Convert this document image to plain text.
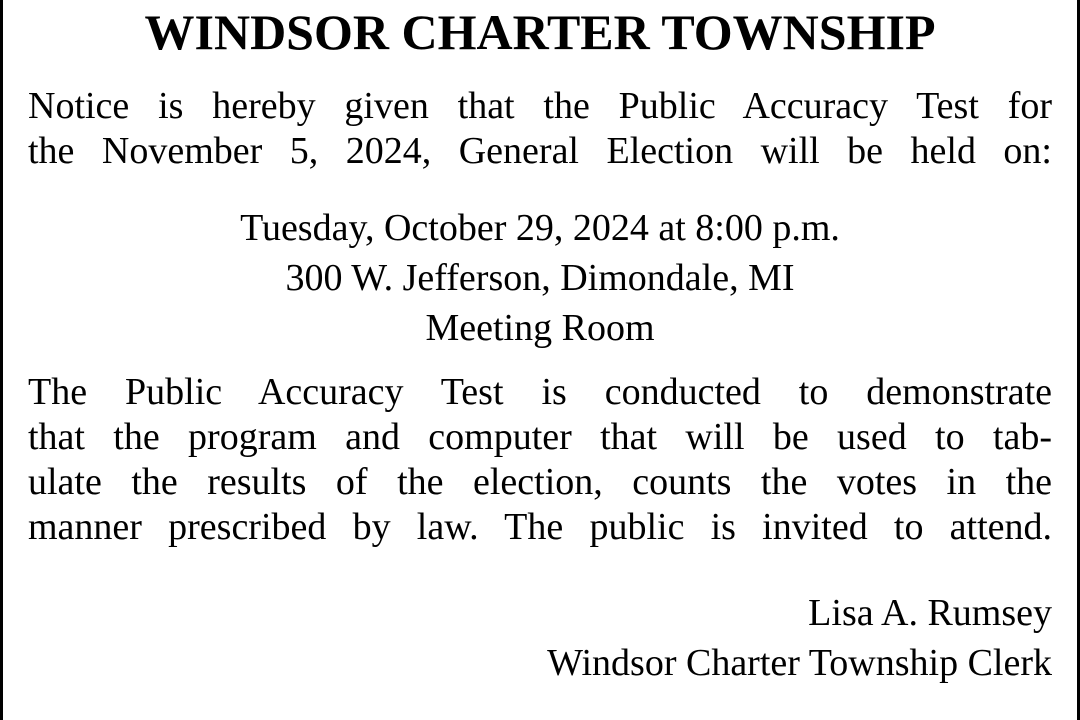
WINDSOR CHARTER TOWNSHIP
Notice is hereby given that the Public Accuracy Test for
the November 5, 2024, General Election will be held on:
Tuesday, October 29, 2024 at 8:00 p.m.
300 W. Jefferson, Dimondale, MI
Meeting Room
The Public Accuracy Test is conducted to demonstrate
that the program and computer that will be used to tab-
ulate the results of the election, counts the votes in the
manner prescribed by law. The public is invited to attend.
Lisa A. Rumsey
Windsor Charter Township Clerk
